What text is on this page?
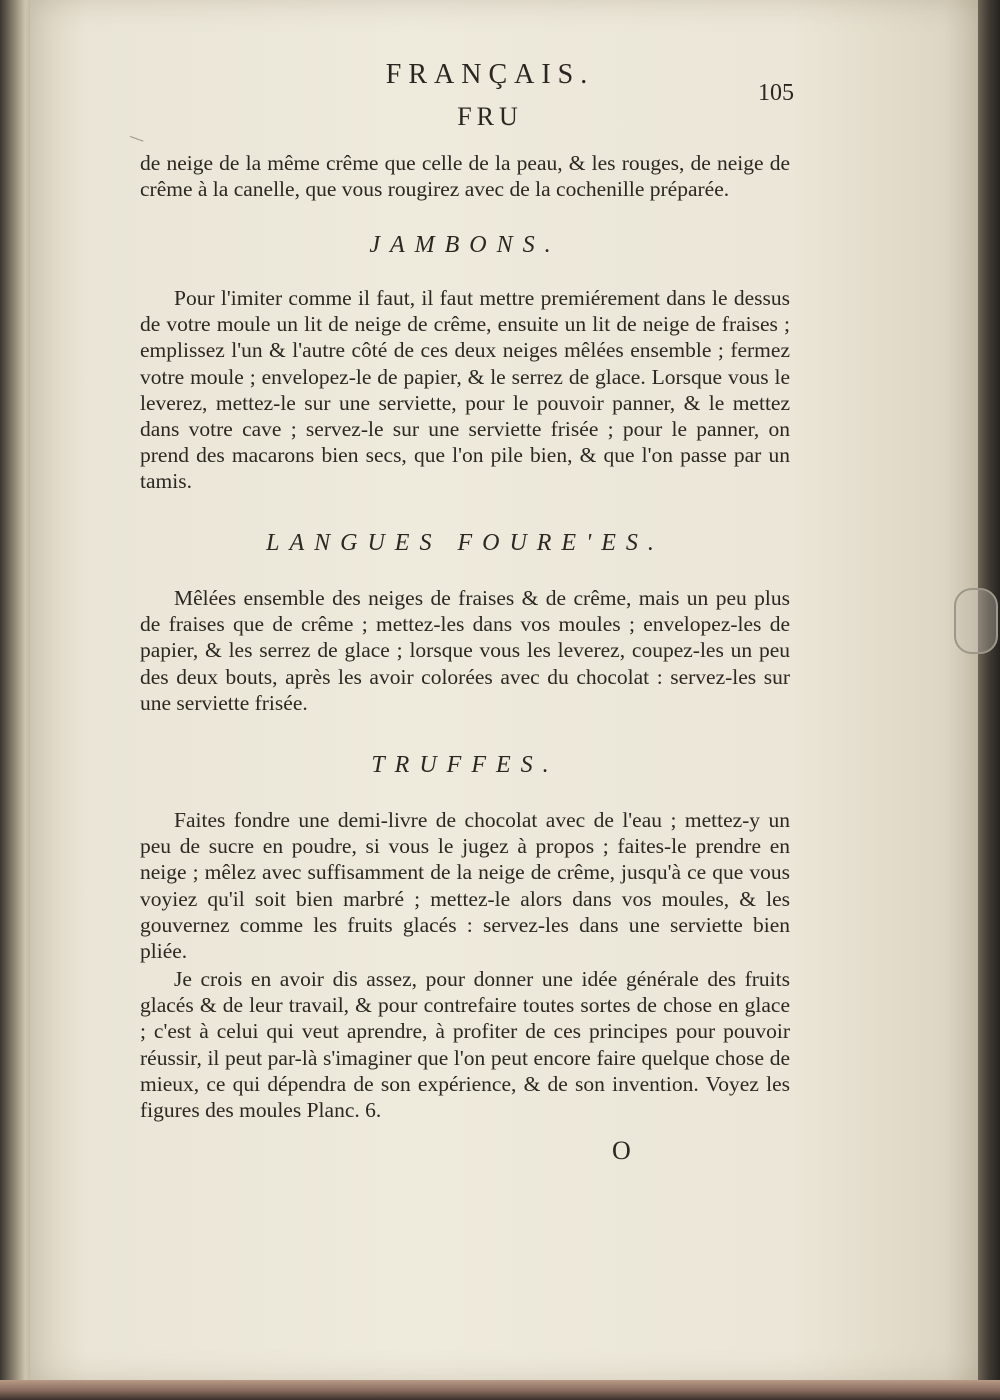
FRANÇAIS.
FRU
105

de neige de la même crême que celle de la peau, & les rouges, de neige de crême à la canelle, que vous rougirez avec de la cochenille préparée.

JAMBONS.

Pour l'imiter comme il faut, il faut mettre premiérement dans le dessus de votre moule un lit de neige de crême, ensuite un lit de neige de fraises ; emplissez l'un & l'autre côté de ces deux neiges mêlées ensemble ; fermez votre moule ; envelopez-le de papier, & le serrez de glace. Lorsque vous le leverez, mettez-le sur une serviette, pour le pouvoir panner, & le mettez dans votre cave ; servez-le sur une serviette frisée ; pour le panner, on prend des macarons bien secs, que l'on pile bien, & que l'on passe par un tamis.

LANGUES FOURE'ES.

Mêlées ensemble des neiges de fraises & de crême, mais un peu plus de fraises que de crême ; mettez-les dans vos moules ; envelopez-les de papier, & les serrez de glace ; lorsque vous les leverez, coupez-les un peu des deux bouts, après les avoir colorées avec du chocolat : servez-les sur une serviette frisée.

TRUFFES.

Faites fondre une demi-livre de chocolat avec de l'eau ; mettez-y un peu de sucre en poudre, si vous le jugez à propos ; faites-le prendre en neige ; mêlez avec suffisamment de la neige de crême, jusqu'à ce que vous voyiez qu'il soit bien marbré ; mettez-le alors dans vos moules, & les gouvernez comme les fruits glacés : servez-les dans une serviette bien pliée.

Je crois en avoir dis assez, pour donner une idée générale des fruits glacés & de leur travail, & pour contrefaire toutes sortes de chose en glace ; c'est à celui qui veut aprendre, à profiter de ces principes pour pouvoir réussir, il peut par-là s'imaginer que l'on peut encore faire quelque chose de mieux, ce qui dépendra de son expérience, & de son invention. Voyez les figures des moules Planc. 6.

O
